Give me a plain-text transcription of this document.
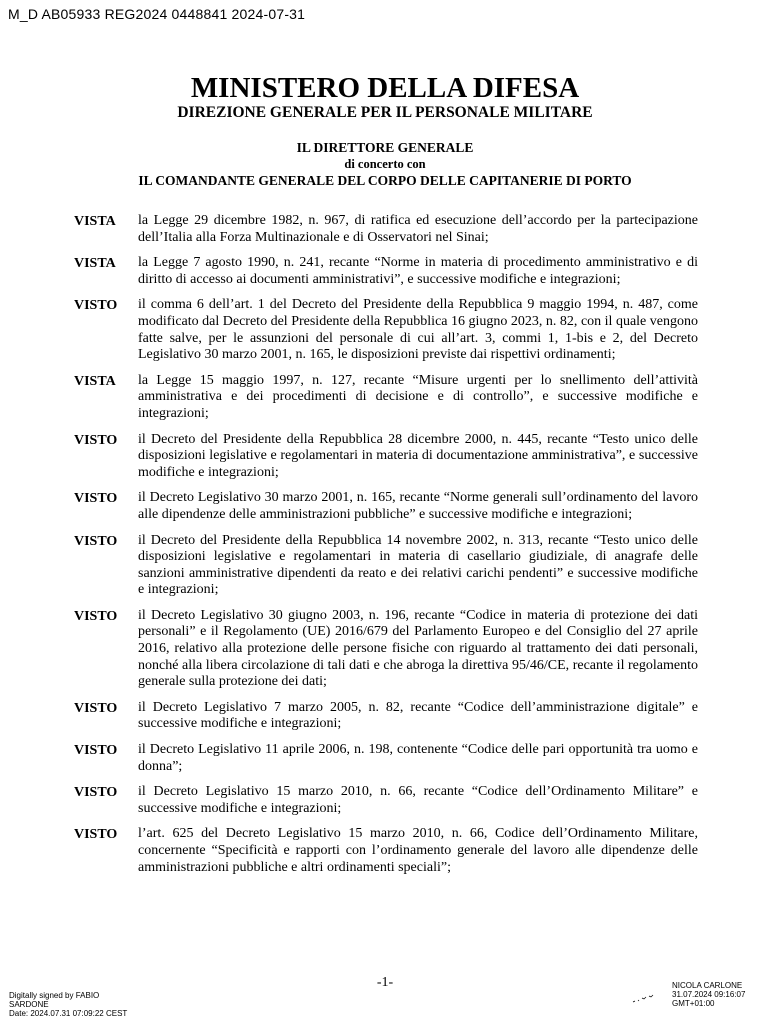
M_D AB05933 REG2024 0448841 2024-07-31
MINISTERO DELLA DIFESA
DIREZIONE GENERALE PER IL PERSONALE MILITARE
IL DIRETTORE GENERALE
di concerto con
IL COMANDANTE GENERALE DEL CORPO DELLE CAPITANERIE DI PORTO
VISTA	la Legge 29 dicembre 1982, n. 967, di ratifica ed esecuzione dell’accordo per la partecipazione dell’Italia alla Forza Multinazionale e di Osservatori nel Sinai;
VISTA	la Legge 7 agosto 1990, n. 241, recante “Norme in materia di procedimento amministrativo e di diritto di accesso ai documenti amministrativi”, e successive modifiche e integrazioni;
VISTO	il comma 6 dell’art. 1 del Decreto del Presidente della Repubblica 9 maggio 1994, n. 487, come modificato dal Decreto del Presidente della Repubblica 16 giugno 2023, n. 82, con il quale vengono fatte salve, per le assunzioni del personale di cui all’art. 3, commi 1, 1-bis e 2, del Decreto Legislativo 30 marzo 2001, n. 165, le disposizioni previste dai rispettivi ordinamenti;
VISTA	la Legge 15 maggio 1997, n. 127, recante “Misure urgenti per lo snellimento dell’attività amministrativa e dei procedimenti di decisione e di controllo”, e successive modifiche e integrazioni;
VISTO	il Decreto del Presidente della Repubblica 28 dicembre 2000, n. 445, recante “Testo unico delle disposizioni legislative e regolamentari in materia di documentazione amministrativa”, e successive modifiche e integrazioni;
VISTO	il Decreto Legislativo 30 marzo 2001, n. 165, recante “Norme generali sull’ordinamento del lavoro alle dipendenze delle amministrazioni pubbliche” e successive modifiche e integrazioni;
VISTO	il Decreto del Presidente della Repubblica 14 novembre 2002, n. 313, recante “Testo unico delle disposizioni legislative e regolamentari in materia di casellario giudiziale, di anagrafe delle sanzioni amministrative dipendenti da reato e dei relativi carichi pendenti” e successive modifiche e integrazioni;
VISTO	il Decreto Legislativo 30 giugno 2003, n. 196, recante “Codice in materia di protezione dei dati personali” e il Regolamento (UE) 2016/679 del Parlamento Europeo e del Consiglio del 27 aprile 2016, relativo alla protezione delle persone fisiche con riguardo al trattamento dei dati personali, nonché alla libera circolazione di tali dati e che abroga la direttiva 95/46/CE, recante il regolamento generale sulla protezione dei dati;
VISTO	il Decreto Legislativo 7 marzo 2005, n. 82, recante “Codice dell’amministrazione digitale” e successive modifiche e integrazioni;
VISTO	il Decreto Legislativo 11 aprile 2006, n. 198, contenente “Codice delle pari opportunità tra uomo e donna”;
VISTO	il Decreto Legislativo 15 marzo 2010, n. 66, recante “Codice dell’Ordinamento Militare” e successive modifiche e integrazioni;
VISTO	l’art. 625 del Decreto Legislativo 15 marzo 2010, n. 66, Codice dell’Ordinamento Militare, concernente “Specificità e rapporti con l’ordinamento generale del lavoro alle dipendenze delle amministrazioni pubbliche e altri ordinamenti speciali”;
-1-
Digitally signed by FABIO
SARDONE
Date: 2024.07.31 07:09:22 CEST
NICOLA CARLONE
31.07.2024 09:16:07
GMT+01:00
